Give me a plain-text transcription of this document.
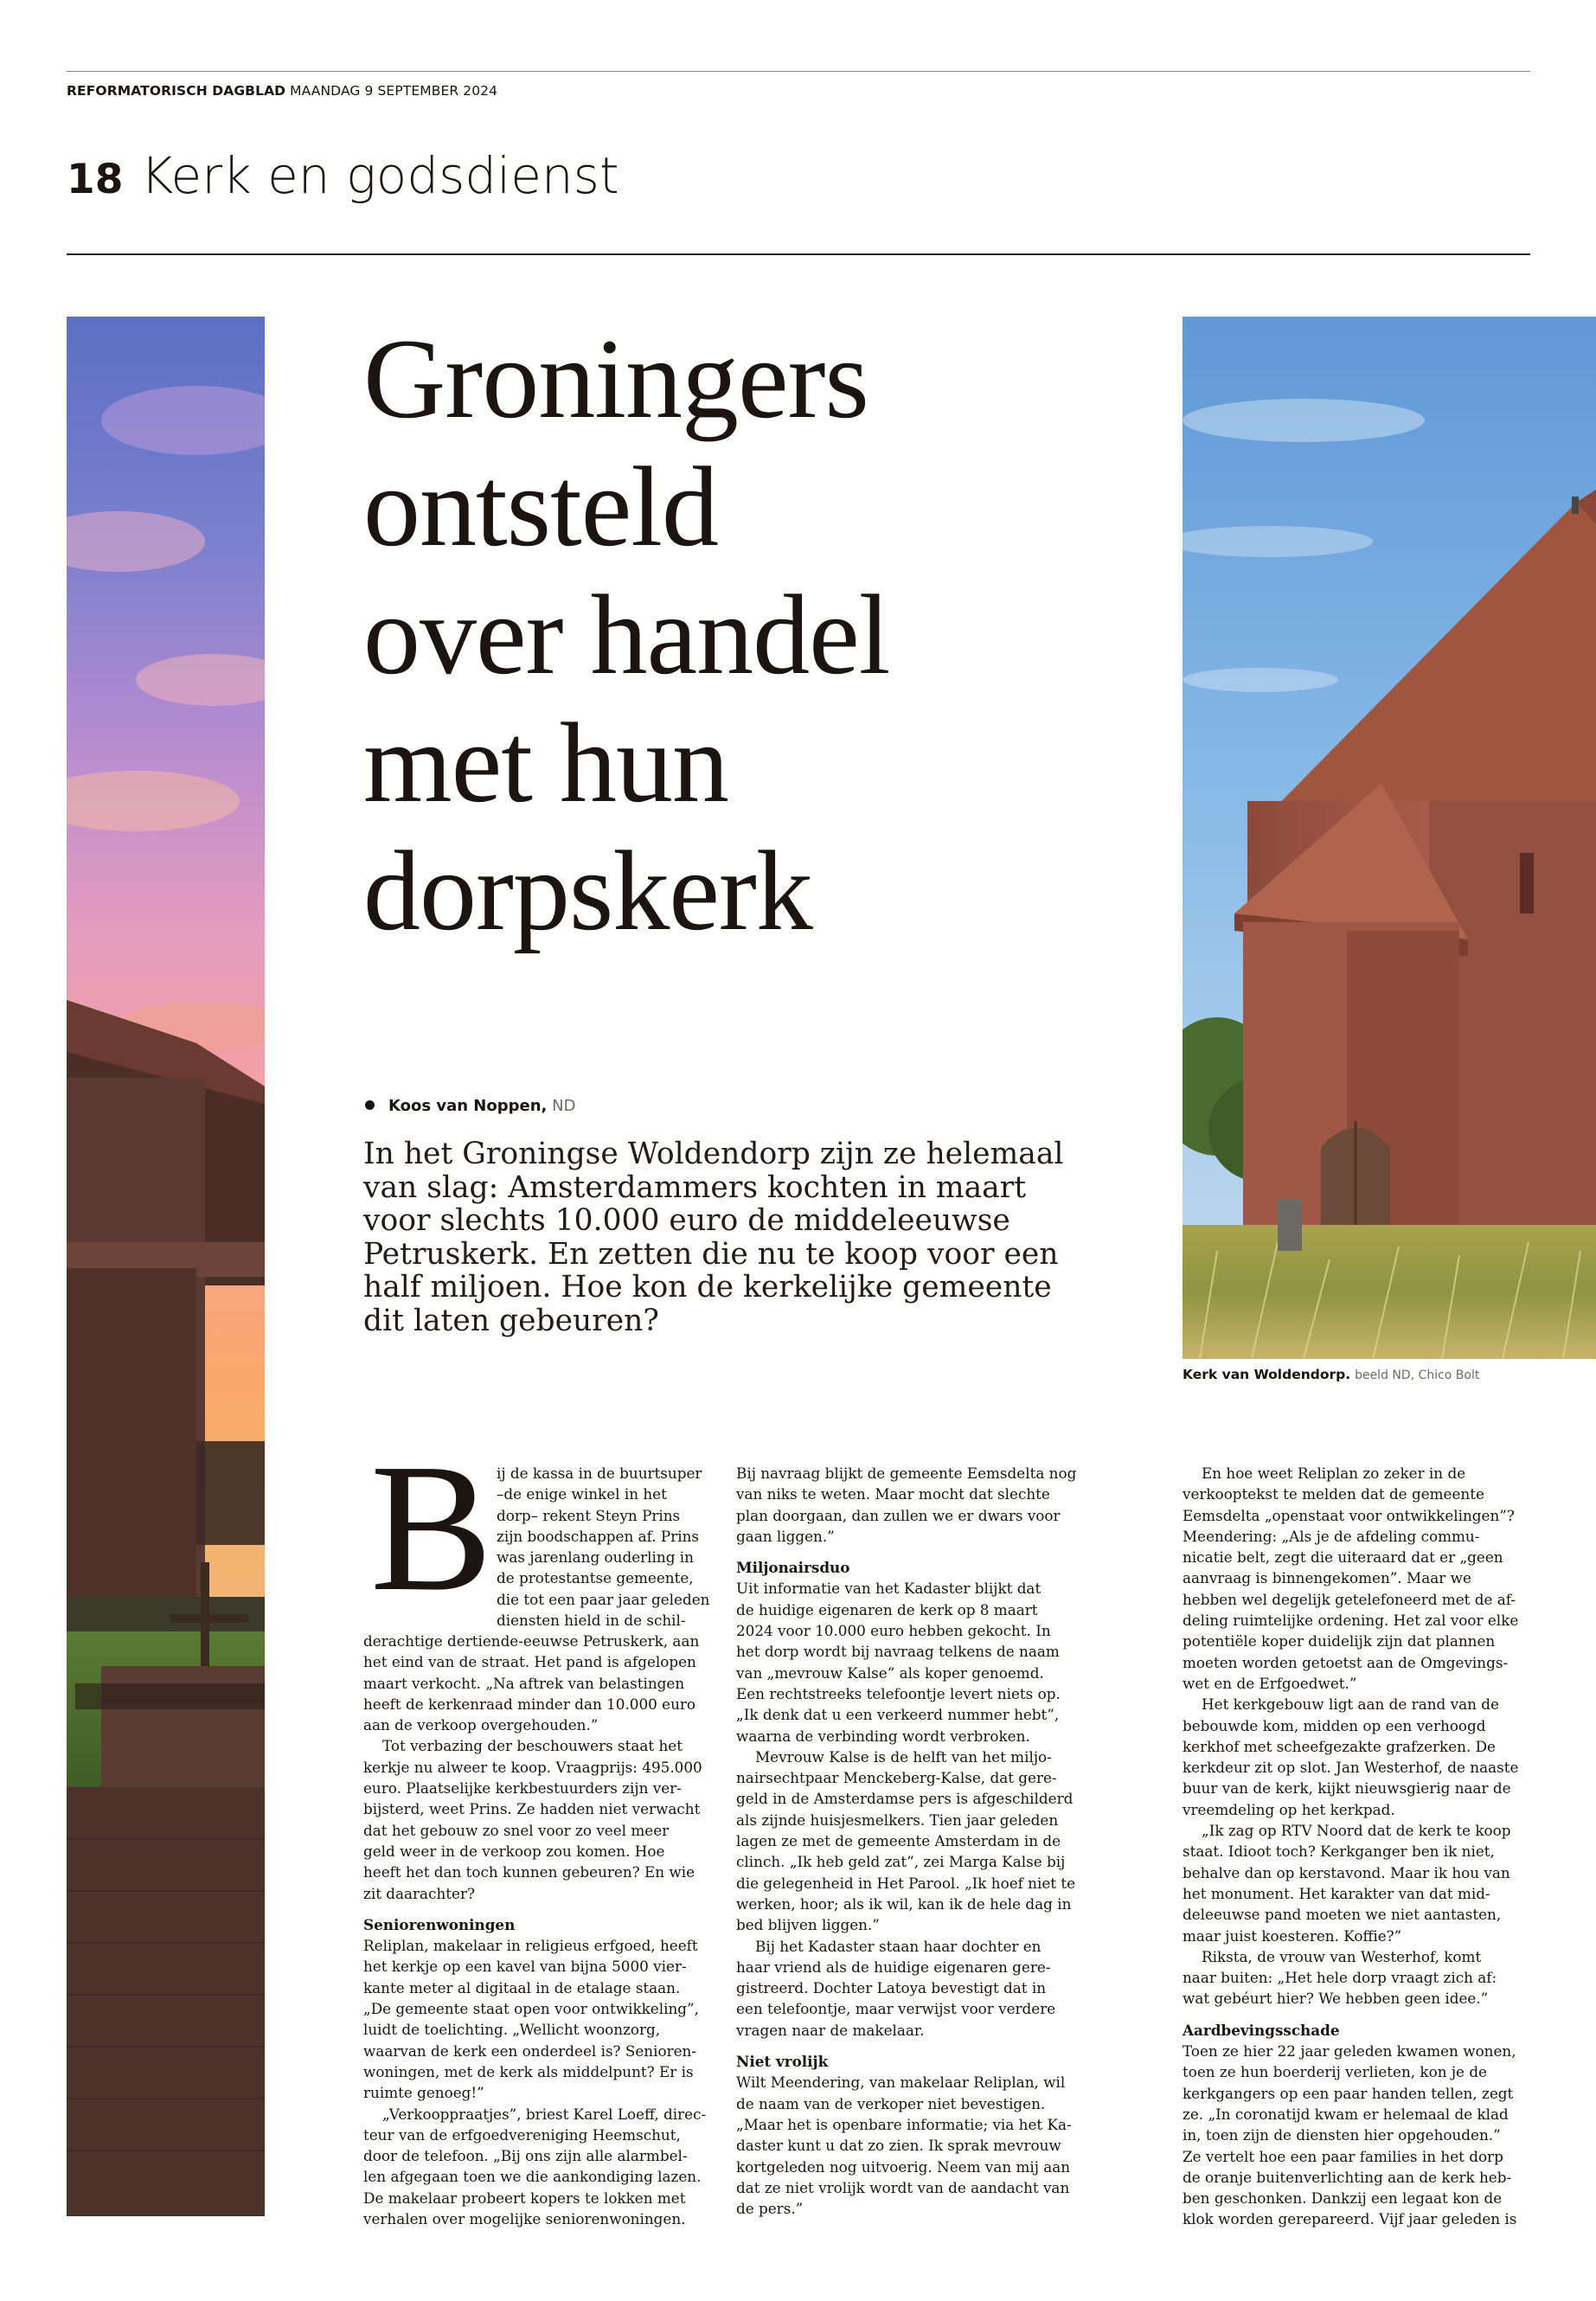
REFORMATORISCH DAGBLAD MAANDAG 9 SEPTEMBER 2024
18 Kerk en godsdienst
Groningers
ontsteld
over handel
met hun
dorpskerk
Koos van Noppen, ND
In het Groningse Woldendorp zijn ze helemaal
van slag: Amsterdammers kochten in maart
voor slechts 10.000 euro de middeleeuwse
Petruskerk. En zetten die nu te koop voor een
half miljoen. Hoe kon de kerkelijke gemeente
dit laten gebeuren?
Kerk van Woldendorp. beeld ND, Chico Bolt
B ij de kassa in de buurtsuper
–de enige winkel in het
dorp– rekent Steyn Prins
zijn boodschappen af. Prins
was jarenlang ouderling in
de protestantse gemeente,
die tot een paar jaar geleden
diensten hield in de schil-
derachtige dertiende-eeuwse Petruskerk, aan
het eind van de straat. Het pand is afgelopen
maart verkocht. „Na aftrek van belastingen
heeft de kerkenraad minder dan 10.000 euro
aan de verkoop overgehouden.”
Tot verbazing der beschouwers staat het
kerkje nu alweer te koop. Vraagprijs: 495.000
euro. Plaatselijke kerkbestuurders zijn ver-
bijsterd, weet Prins. Ze hadden niet verwacht
dat het gebouw zo snel voor zo veel meer
geld weer in de verkoop zou komen. Hoe
heeft het dan toch kunnen gebeuren? En wie
zit daarachter?
Seniorenwoningen
Reliplan, makelaar in religieus erfgoed, heeft
het kerkje op een kavel van bijna 5000 vier-
kante meter al digitaal in de etalage staan.
„De gemeente staat open voor ontwikkeling”,
luidt de toelichting. „Wellicht woonzorg,
waarvan de kerk een onderdeel is? Senioren-
woningen, met de kerk als middelpunt? Er is
ruimte genoeg!”
„Verkooppraatjes”, briest Karel Loeff, direc-
teur van de erfgoedvereniging Heemschut,
door de telefoon. „Bij ons zijn alle alarmbel-
len afgegaan toen we die aankondiging lazen.
De makelaar probeert kopers te lokken met
verhalen over mogelijke seniorenwoningen.
Bij navraag blijkt de gemeente Eemsdelta nog
van niks te weten. Maar mocht dat slechte
plan doorgaan, dan zullen we er dwars voor
gaan liggen.”
Miljonairsduo
Uit informatie van het Kadaster blijkt dat
de huidige eigenaren de kerk op 8 maart
2024 voor 10.000 euro hebben gekocht. In
het dorp wordt bij navraag telkens de naam
van „mevrouw Kalse” als koper genoemd.
Een rechtstreeks telefoontje levert niets op.
„Ik denk dat u een verkeerd nummer hebt”,
waarna de verbinding wordt verbroken.
Mevrouw Kalse is de helft van het miljo-
nairsechtpaar Menckeberg-Kalse, dat gere-
geld in de Amsterdamse pers is afgeschilderd
als zijnde huisjesmelkers. Tien jaar geleden
lagen ze met de gemeente Amsterdam in de
clinch. „Ik heb geld zat”, zei Marga Kalse bij
die gelegenheid in Het Parool. „Ik hoef niet te
werken, hoor; als ik wil, kan ik de hele dag in
bed blijven liggen.”
Bij het Kadaster staan haar dochter en
haar vriend als de huidige eigenaren gere-
gistreerd. Dochter Latoya bevestigt dat in
een telefoontje, maar verwijst voor verdere
vragen naar de makelaar.
Niet vrolijk
Wilt Meendering, van makelaar Reliplan, wil
de naam van de verkoper niet bevestigen.
„Maar het is openbare informatie; via het Ka-
daster kunt u dat zo zien. Ik sprak mevrouw
kortgeleden nog uitvoerig. Neem van mij aan
dat ze niet vrolijk wordt van de aandacht van
de pers.”
En hoe weet Reliplan zo zeker in de
verkooptekst te melden dat de gemeente
Eemsdelta „openstaat voor ontwikkelingen”?
Meendering: „Als je de afdeling commu-
nicatie belt, zegt die uiteraard dat er „geen
aanvraag is binnengekomen”. Maar we
hebben wel degelijk getelefoneerd met de af-
deling ruimtelijke ordening. Het zal voor elke
potentiële koper duidelijk zijn dat plannen
moeten worden getoetst aan de Omgevings-
wet en de Erfgoedwet.”
Het kerkgebouw ligt aan de rand van de
bebouwde kom, midden op een verhoogd
kerkhof met scheefgezakte grafzerken. De
kerkdeur zit op slot. Jan Westerhof, de naaste
buur van de kerk, kijkt nieuwsgierig naar de
vreemdeling op het kerkpad.
„Ik zag op RTV Noord dat de kerk te koop
staat. Idioot toch? Kerkganger ben ik niet,
behalve dan op kerstavond. Maar ik hou van
het monument. Het karakter van dat mid-
deleeuwse pand moeten we niet aantasten,
maar juist koesteren. Koffie?”
Riksta, de vrouw van Westerhof, komt
naar buiten: „Het hele dorp vraagt zich af:
wat gebéurt hier? We hebben geen idee.”
Aardbevingsschade
Toen ze hier 22 jaar geleden kwamen wonen,
toen ze hun boerderij verlieten, kon je de
kerkgangers op een paar handen tellen, zegt
ze. „In coronatijd kwam er helemaal de klad
in, toen zijn de diensten hier opgehouden.”
Ze vertelt hoe een paar families in het dorp
de oranje buitenverlichting aan de kerk heb-
ben geschonken. Dankzij een legaat kon de
klok worden gerepareerd. Vijf jaar geleden is
